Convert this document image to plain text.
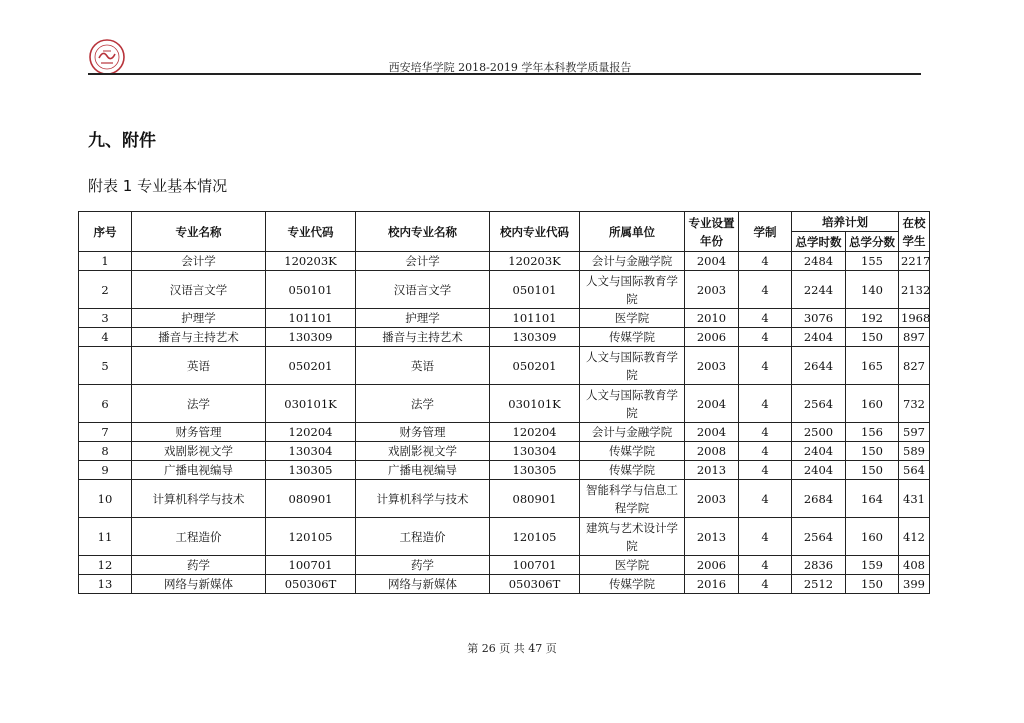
西安培华学院 2018-2019 学年本科教学质量报告
九、附件
附表 1 专业基本情况
序号	专业名称	专业代码	校内专业名称	校内专业代码	所属单位	专业设置年份	学制	培养计划		在校学生
								总学时数	总学分数	
1	会计学	120203K	会计学	120203K	会计与金融学院	2004	4	2484	155	2217
2	汉语言文学	050101	汉语言文学	050101	人文与国际教育学院	2003	4	2244	140	2132
3	护理学	101101	护理学	101101	医学院	2010	4	3076	192	1968
4	播音与主持艺术	130309	播音与主持艺术	130309	传媒学院	2006	4	2404	150	897
5	英语	050201	英语	050201	人文与国际教育学院	2003	4	2644	165	827
6	法学	030101K	法学	030101K	人文与国际教育学院	2004	4	2564	160	732
7	财务管理	120204	财务管理	120204	会计与金融学院	2004	4	2500	156	597
8	戏剧影视文学	130304	戏剧影视文学	130304	传媒学院	2008	4	2404	150	589
9	广播电视编导	130305	广播电视编导	130305	传媒学院	2013	4	2404	150	564
10	计算机科学与技术	080901	计算机科学与技术	080901	智能科学与信息工程学院	2003	4	2684	164	431
11	工程造价	120105	工程造价	120105	建筑与艺术设计学院	2013	4	2564	160	412
12	药学	100701	药学	100701	医学院	2006	4	2836	159	408
13	网络与新媒体	050306T	网络与新媒体	050306T	传媒学院	2016	4	2512	150	399
第 26 页 共 47 页
